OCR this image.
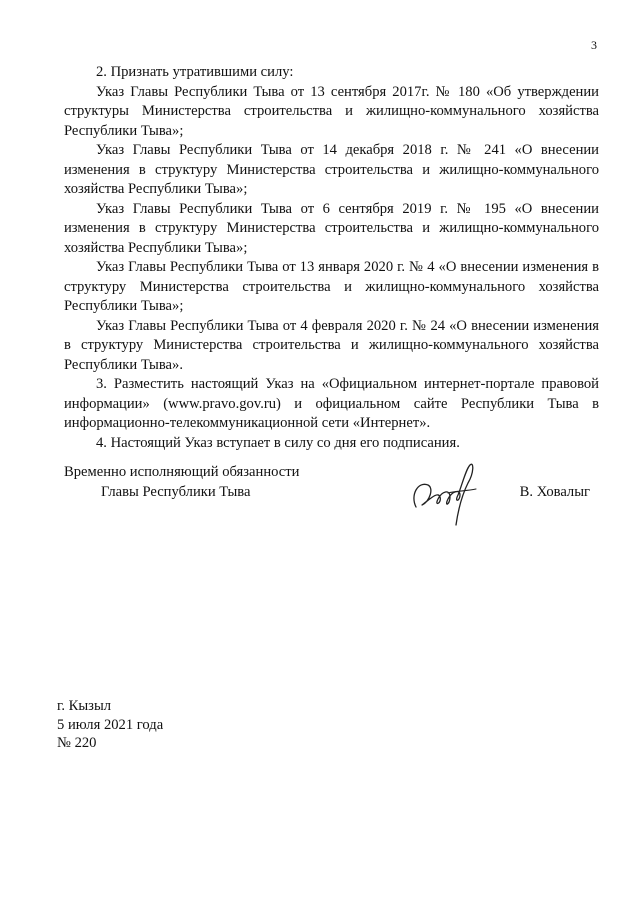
3

2. Признать утратившими силу:

Указ Главы Республики Тыва от 13 сентября 2017г. № 180 «Об утверждении структуры Министерства строительства и жилищно-коммунального хозяйства Республики Тыва»;

Указ Главы Республики Тыва от 14 декабря 2018 г. № 241 «О внесении изменения в структуру Министерства строительства и жилищно-коммунального хозяйства Республики Тыва»;

Указ Главы Республики Тыва от 6 сентября 2019 г. № 195 «О внесении изменения в структуру Министерства строительства и жилищно-коммунального хозяйства Республики Тыва»;

Указ Главы Республики Тыва от 13 января 2020 г. № 4 «О внесении изменения в структуру Министерства строительства и жилищно-коммунального хозяйства Республики Тыва»;

Указ Главы Республики Тыва от 4 февраля 2020 г. № 24 «О внесении изменения в структуру Министерства строительства и жилищно-коммунального хозяйства Республики Тыва».

3. Разместить настоящий Указ на «Официальном интернет-портале правовой информации» (www.pravo.gov.ru) и официальном сайте Республики Тыва в информационно-телекоммуникационной сети «Интернет».

4. Настоящий Указ вступает в силу со дня его подписания.

Временно исполняющий обязанности
Главы Республики Тыва	В. Ховалыг
г. Кызыл
5 июля 2021 года
№ 220
